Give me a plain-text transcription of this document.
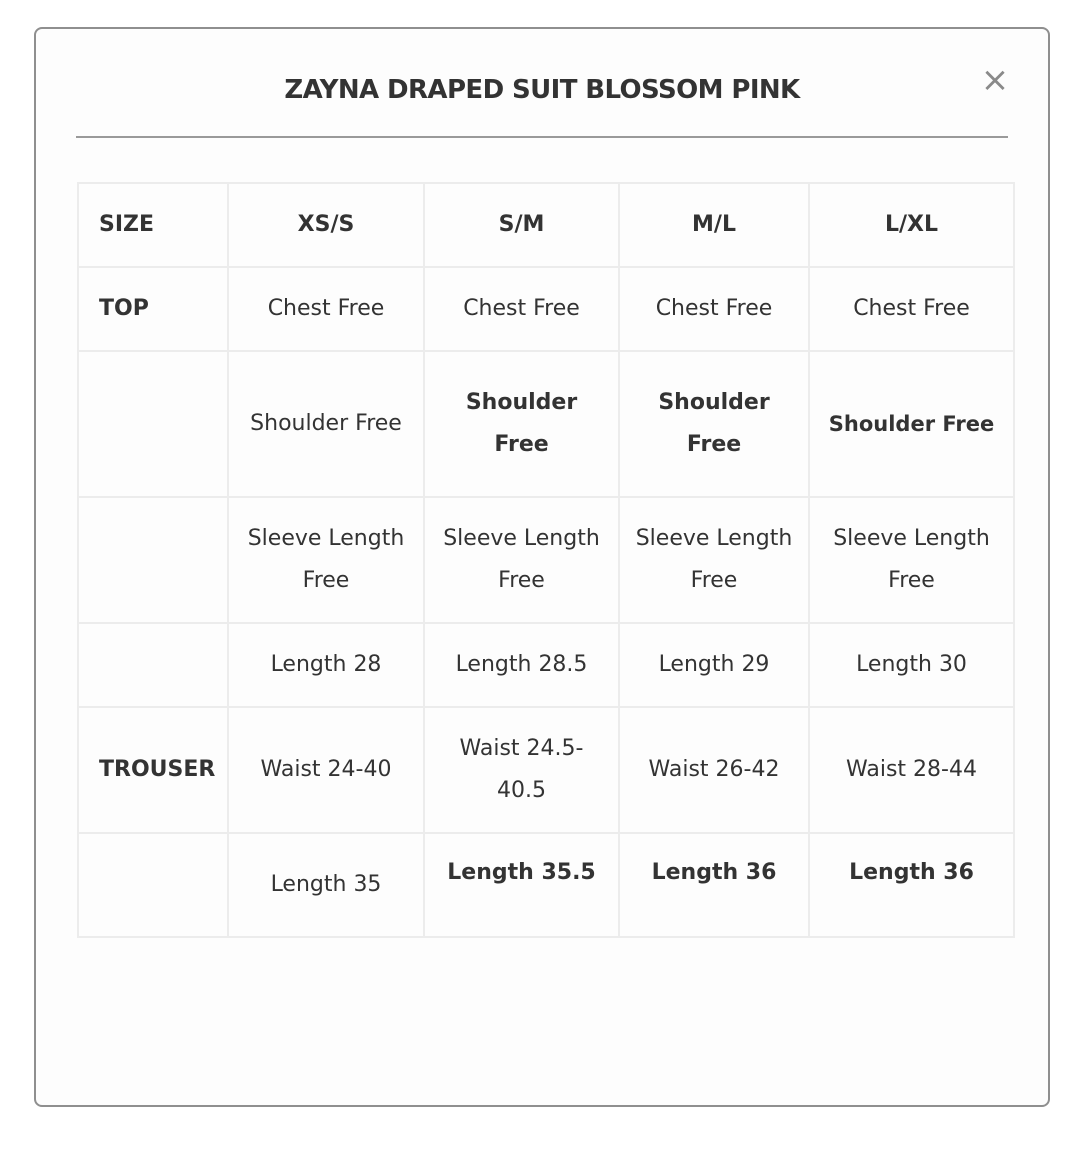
ZAYNA DRAPED SUIT BLOSSOM PINK	×
SIZE	XS/S	S/M	M/L	L/XL
TOP	Chest Free	Chest Free	Chest Free	Chest Free
	Shoulder Free	Shoulder Free	Shoulder Free	Shoulder Free
	Sleeve Length Free	Sleeve Length Free	Sleeve Length Free	Sleeve Length Free
	Length 28	Length 28.5	Length 29	Length 30
TROUSER	Waist 24-40	Waist 24.5-40.5	Waist 26-42	Waist 28-44
	Length 35	Length 35.5	Length 36	Length 36
